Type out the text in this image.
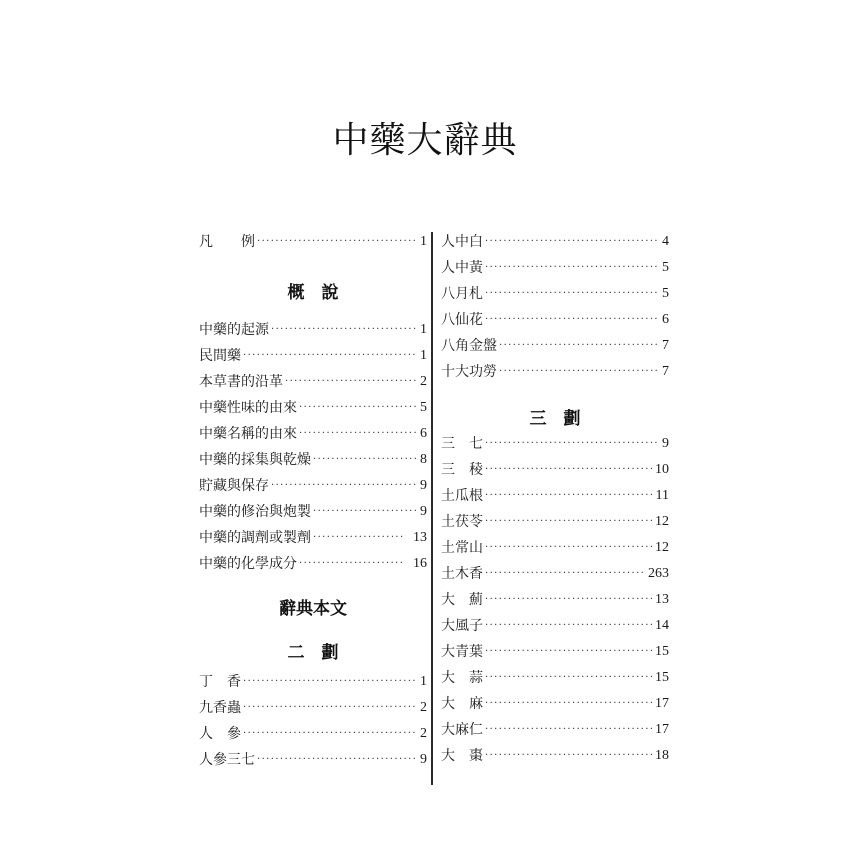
中藥大辭典
凡　　例 ·····	1
概　說
中藥的起源 ·····	1
民間藥 ·····	1
本草書的沿革 ·····	2
中藥性味的由來 ·····	5
中藥名稱的由來 ·····	6
中藥的採集與乾燥 ·····	8
貯藏與保存 ·····	9
中藥的修治與炮製 ·····	9
中藥的調劑或製劑 ·····	13
中藥的化學成分 ·····	16
辭典本文
二　劃
丁　香 ·····	1
九香蟲 ·····	2
人　參 ·····	2
人參三七 ·····	9
人中白 ·····	4
人中黃 ·····	5
八月札 ·····	5
八仙花 ·····	6
八角金盤 ·····	7
十大功勞 ·····	7
三　劃
三　七 ·····	9
三　稜 ·····	10
土瓜根 ·····	11
土茯苓 ·····	12
土常山 ·····	12
土木香 ·····	263
大　薊 ·····	13
大風子 ·····	14
大青葉 ·····	15
大　蒜 ·····	15
大　麻 ·····	17
大麻仁 ·····	17
大　棗 ·····	18
